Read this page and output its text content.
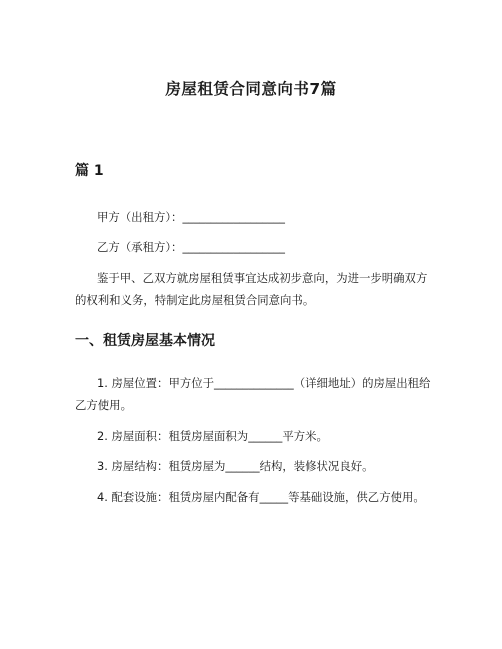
房屋租赁合同意向书7篇
篇 1

甲方（出租方）：__________________

乙方（承租方）：__________________

鉴于甲、乙双方就房屋租赁事宜达成初步意向，为进一步明确双方的权利和义务，特制定此房屋租赁合同意向书。

一、租赁房屋基本情况

1. 房屋位置：甲方位于______________（详细地址）的房屋出租给乙方使用。

2. 房屋面积：租赁房屋面积为______平方米。

3. 房屋结构：租赁房屋为______结构，装修状况良好。

4. 配套设施：租赁房屋内配备有_____等基础设施，供乙方使用。
